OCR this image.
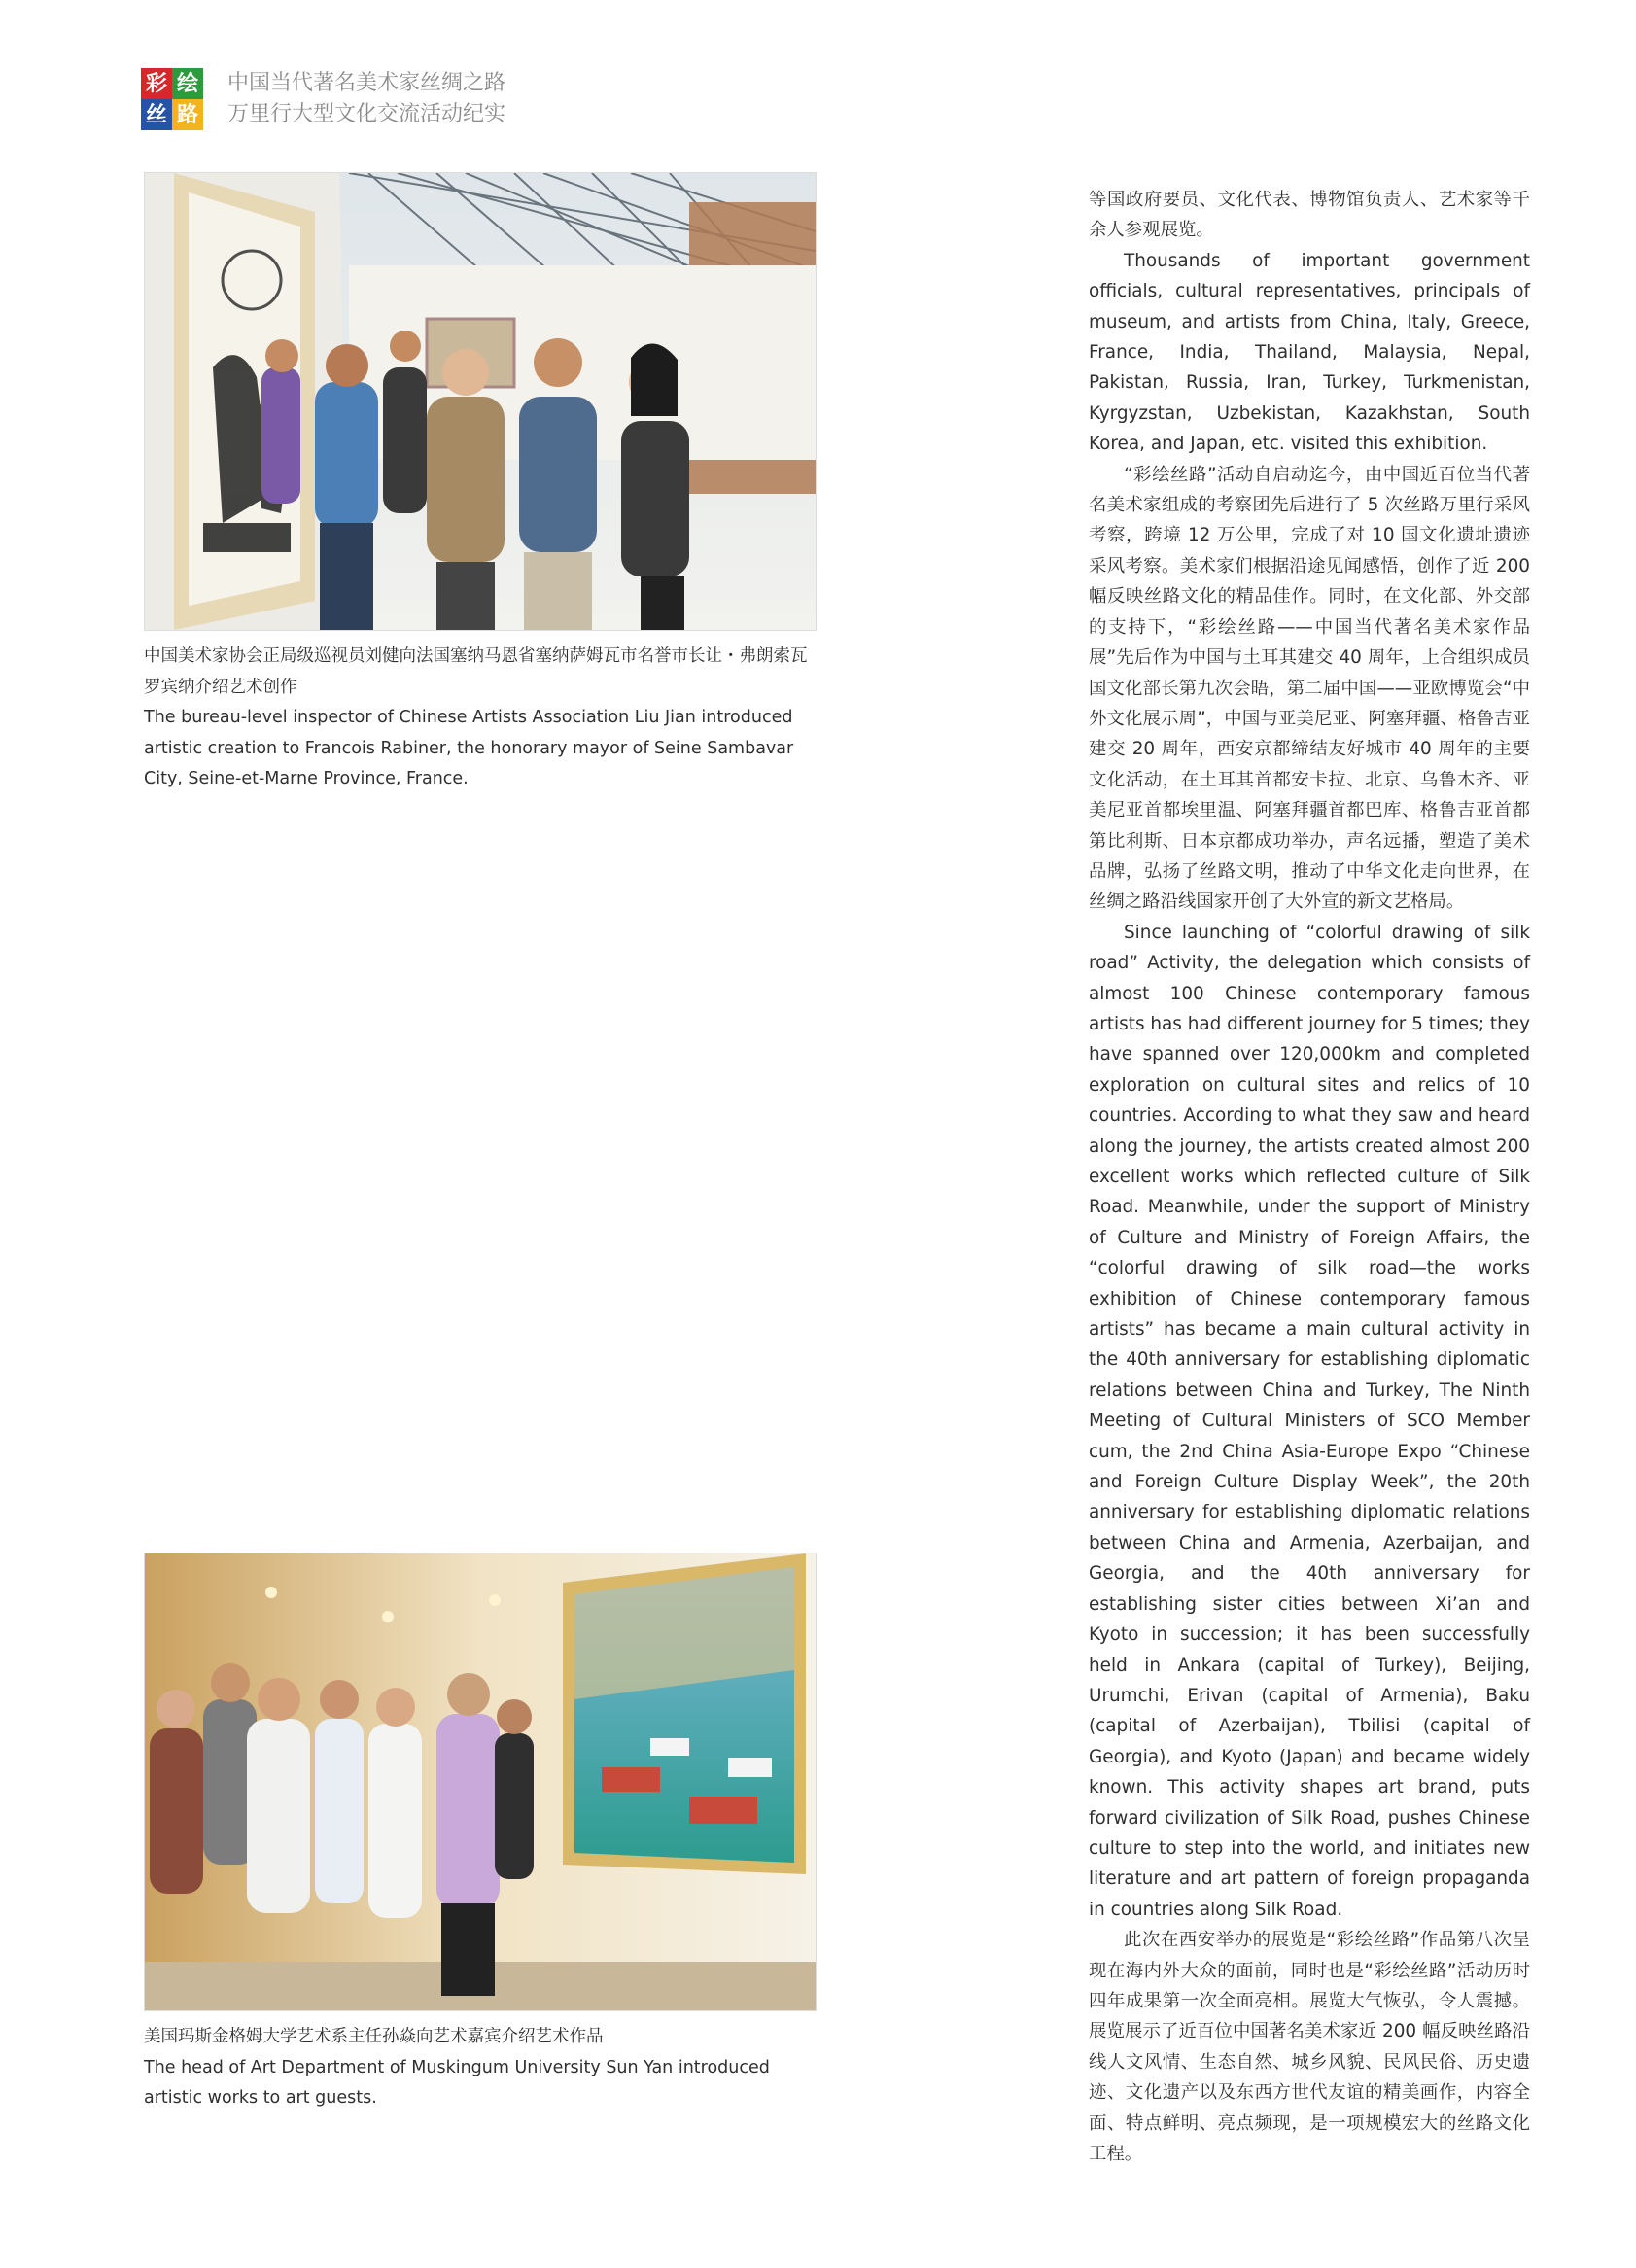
彩 绘
丝 路
中国当代著名美术家丝绸之路
万里行大型文化交流活动纪实
中国美术家协会正局级巡视员刘健向法国塞纳马恩省塞纳萨姆瓦市名誉市长让・弗朗索瓦罗宾纳介绍艺术创作
The bureau-level inspector of Chinese Artists Association Liu Jian introduced artistic creation to Francois Rabiner, the honorary mayor of Seine Sambavar City, Seine-et-Marne Province, France.
美国玛斯金格姆大学艺术系主任孙焱向艺术嘉宾介绍艺术作品
The head of Art Department of Muskingum University Sun Yan introduced artistic works to art guests.

等国政府要员、文化代表、博物馆负责人、艺术家等千余人参观展览。

Thousands of important government officials, cultural representatives, principals of museum, and artists from China, Italy, Greece, France, India, Thailand, Malaysia, Nepal, Pakistan, Russia, Iran, Turkey, Turkmenistan, Kyrgyzstan, Uzbekistan, Kazakhstan, South Korea, and Japan, etc. visited this exhibition.

“彩绘丝路”活动自启动迄今，由中国近百位当代著名美术家组成的考察团先后进行了 5 次丝路万里行采风考察，跨境 12 万公里，完成了对 10 国文化遗址遗迹采风考察。美术家们根据沿途见闻感悟，创作了近 200 幅反映丝路文化的精品佳作。同时，在文化部、外交部的支持下，“彩绘丝路——中国当代著名美术家作品展”先后作为中国与土耳其建交 40 周年，上合组织成员国文化部长第九次会晤，第二届中国——亚欧博览会“中外文化展示周”，中国与亚美尼亚、阿塞拜疆、格鲁吉亚建交 20 周年，西安京都缔结友好城市 40 周年的主要文化活动，在土耳其首都安卡拉、北京、乌鲁木齐、亚美尼亚首都埃里温、阿塞拜疆首都巴库、格鲁吉亚首都第比利斯、日本京都成功举办，声名远播，塑造了美术品牌，弘扬了丝路文明，推动了中华文化走向世界，在丝绸之路沿线国家开创了大外宣的新文艺格局。

Since launching of “colorful drawing of silk road” Activity, the delegation which consists of almost 100 Chinese contemporary famous artists has had different journey for 5 times; they have spanned over 120,000km and completed exploration on cultural sites and relics of 10 countries. According to what they saw and heard along the journey, the artists created almost 200 excellent works which reflected culture of Silk Road. Meanwhile, under the support of Ministry of Culture and Ministry of Foreign Affairs, the “colorful drawing of silk road—the works exhibition of Chinese contemporary famous artists” has became a main cultural activity in the 40th anniversary for establishing diplomatic relations between China and Turkey, The Ninth Meeting of Cultural Ministers of SCO Member cum, the 2nd China Asia-Europe Expo “Chinese and Foreign Culture Display Week”, the 20th anniversary for establishing diplomatic relations between China and Armenia, Azerbaijan, and Georgia, and the 40th anniversary for establishing sister cities between Xi’an and Kyoto in succession; it has been successfully held in Ankara (capital of Turkey), Beijing, Urumchi, Erivan (capital of Armenia), Baku (capital of Azerbaijan), Tbilisi (capital of Georgia), and Kyoto (Japan) and became widely known. This activity shapes art brand, puts forward civilization of Silk Road, pushes Chinese culture to step into the world, and initiates new literature and art pattern of foreign propaganda in countries along Silk Road.

此次在西安举办的展览是“彩绘丝路”作品第八次呈现在海内外大众的面前，同时也是“彩绘丝路”活动历时四年成果第一次全面亮相。展览大气恢弘，令人震撼。展览展示了近百位中国著名美术家近 200 幅反映丝路沿线人文风情、生态自然、城乡风貌、民风民俗、历史遗迹、文化遗产以及东西方世代友谊的精美画作，内容全面、特点鲜明、亮点频现，是一项规模宏大的丝路文化工程。
